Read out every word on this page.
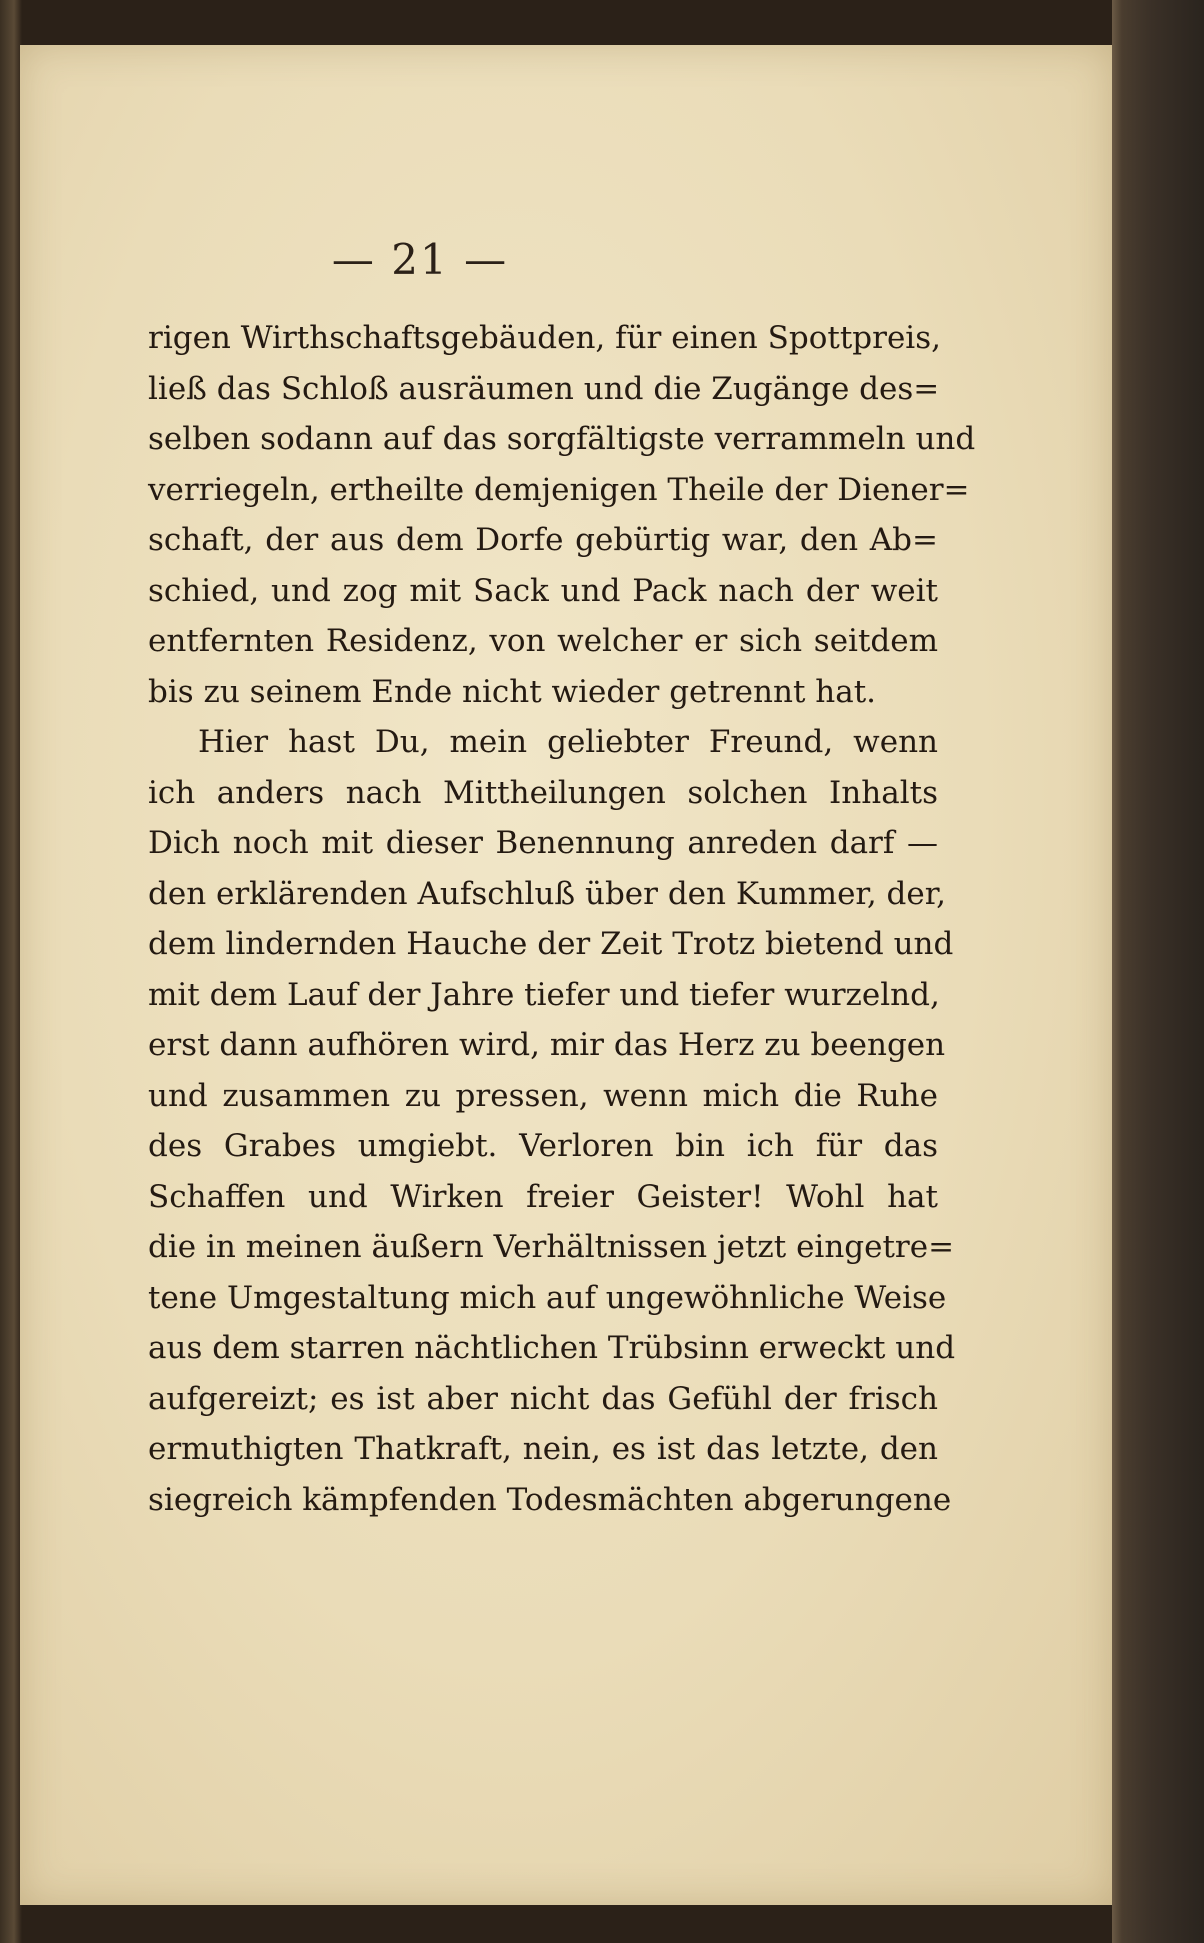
— 21 —
rigen Wirthschaftsgebäuden, für einen Spottpreis,
ließ das Schloß ausräumen und die Zugänge des=
selben sodann auf das sorgfältigste verrammeln und
verriegeln, ertheilte demjenigen Theile der Diener=
schaft, der aus dem Dorfe gebürtig war, den Ab=
schied, und zog mit Sack und Pack nach der weit
entfernten Residenz, von welcher er sich seitdem
bis zu seinem Ende nicht wieder getrennt hat.
Hier hast Du, mein geliebter Freund, wenn
ich anders nach Mittheilungen solchen Inhalts
Dich noch mit dieser Benennung anreden darf —
den erklärenden Aufschluß über den Kummer, der,
dem lindernden Hauche der Zeit Trotz bietend und
mit dem Lauf der Jahre tiefer und tiefer wurzelnd,
erst dann aufhören wird, mir das Herz zu beengen
und zusammen zu pressen, wenn mich die Ruhe
des Grabes umgiebt. Verloren bin ich für das
Schaffen und Wirken freier Geister! Wohl hat
die in meinen äußern Verhältnissen jetzt eingetre=
tene Umgestaltung mich auf ungewöhnliche Weise
aus dem starren nächtlichen Trübsinn erweckt und
aufgereizt; es ist aber nicht das Gefühl der frisch
ermuthigten Thatkraft, nein, es ist das letzte, den
siegreich kämpfenden Todesmächten abgerungene
